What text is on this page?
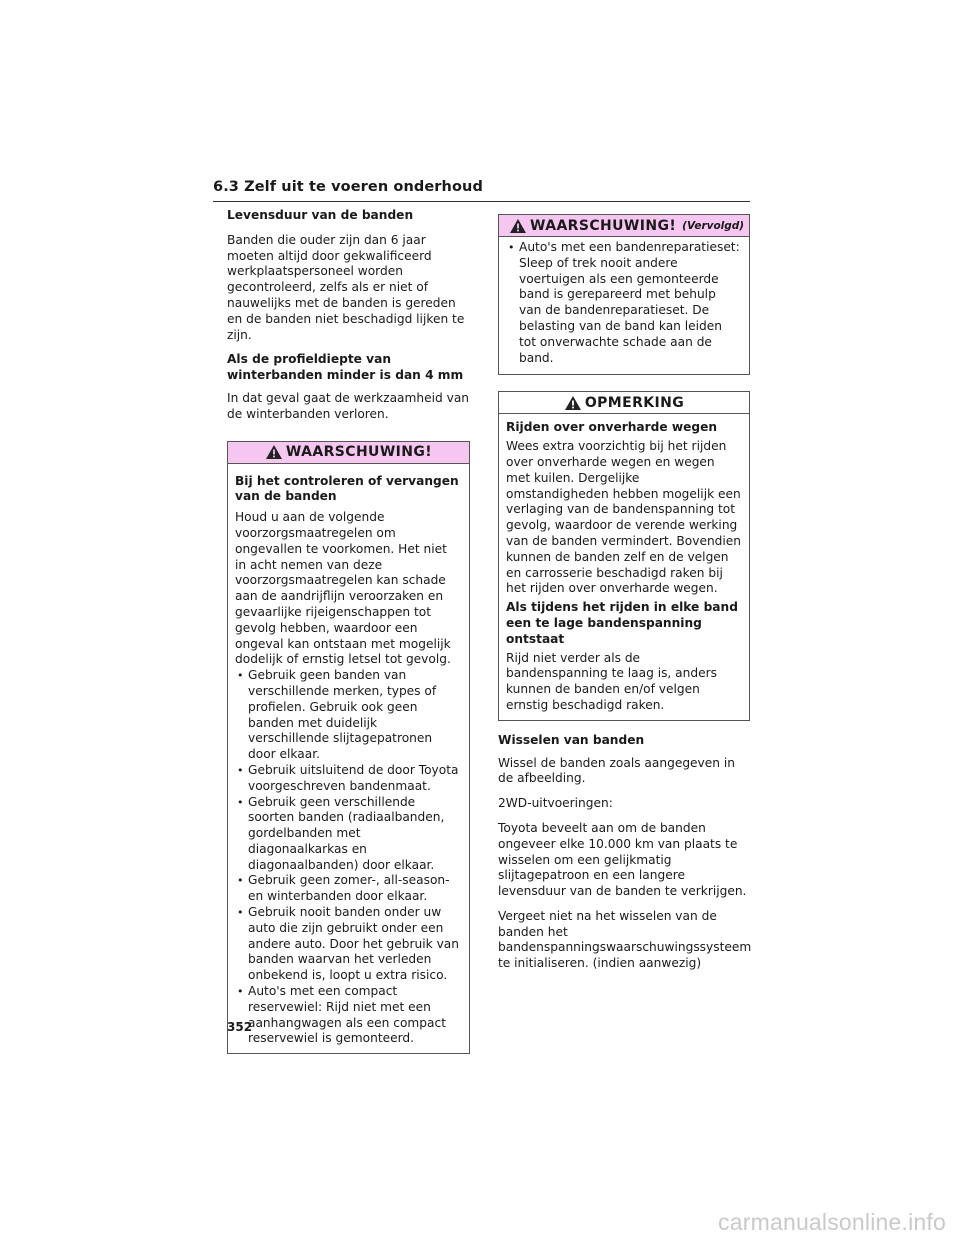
6.3 Zelf uit te voeren onderhoud
Levensduur van de banden
Banden die ouder zijn dan 6 jaar moeten altijd door gekwalificeerd werkplaatspersoneel worden gecontroleerd, zelfs als er niet of nauwelijks met de banden is gereden en de banden niet beschadigd lijken te zijn.
Als de profieldiepte van winterbanden minder is dan 4 mm
In dat geval gaat de werkzaamheid van de winterbanden verloren.
WAARSCHUWING!
Bij het controleren of vervangen van de banden
Houd u aan de volgende voorzorgsmaatregelen om ongevallen te voorkomen. Het niet in acht nemen van deze voorzorgsmaatregelen kan schade aan de aandrijflijn veroorzaken en gevaarlijke rijeigenschappen tot gevolg hebben, waardoor een ongeval kan ontstaan met mogelijk dodelijk of ernstig letsel tot gevolg.
• Gebruik geen banden van verschillende merken, types of profielen. Gebruik ook geen banden met duidelijk verschillende slijtagepatronen door elkaar.
• Gebruik uitsluitend de door Toyota voorgeschreven bandenmaat.
• Gebruik geen verschillende soorten banden (radiaalbanden, gordelbanden met diagonaalkarkas en diagonaalbanden) door elkaar.
• Gebruik geen zomer-, all-season- en winterbanden door elkaar.
• Gebruik nooit banden onder uw auto die zijn gebruikt onder een andere auto. Door het gebruik van banden waarvan het verleden onbekend is, loopt u extra risico.
• Auto's met een compact reservewiel: Rijd niet met een aanhangwagen als een compact reservewiel is gemonteerd.
WAARSCHUWING! (Vervolgd)
• Auto's met een bandenreparatieset: Sleep of trek nooit andere voertuigen als een gemonteerde band is gerepareerd met behulp van de bandenreparatieset. De belasting van de band kan leiden tot onverwachte schade aan de band.
OPMERKING
Rijden over onverharde wegen
Wees extra voorzichtig bij het rijden over onverharde wegen en wegen met kuilen. Dergelijke omstandigheden hebben mogelijk een verlaging van de bandenspanning tot gevolg, waardoor de verende werking van de banden vermindert. Bovendien kunnen de banden zelf en de velgen en carrosserie beschadigd raken bij het rijden over onverharde wegen.
Als tijdens het rijden in elke band een te lage bandenspanning ontstaat
Rijd niet verder als de bandenspanning te laag is, anders kunnen de banden en/of velgen ernstig beschadigd raken.
Wisselen van banden
Wissel de banden zoals aangegeven in de afbeelding.
2WD-uitvoeringen:
Toyota beveelt aan om de banden ongeveer elke 10.000 km van plaats te wisselen om een gelijkmatig slijtagepatroon en een langere levensduur van de banden te verkrijgen.
Vergeet niet na het wisselen van de banden het bandenspanningswaarschuwingssysteem te initialiseren. (indien aanwezig)
352
carmanualsonline.info
